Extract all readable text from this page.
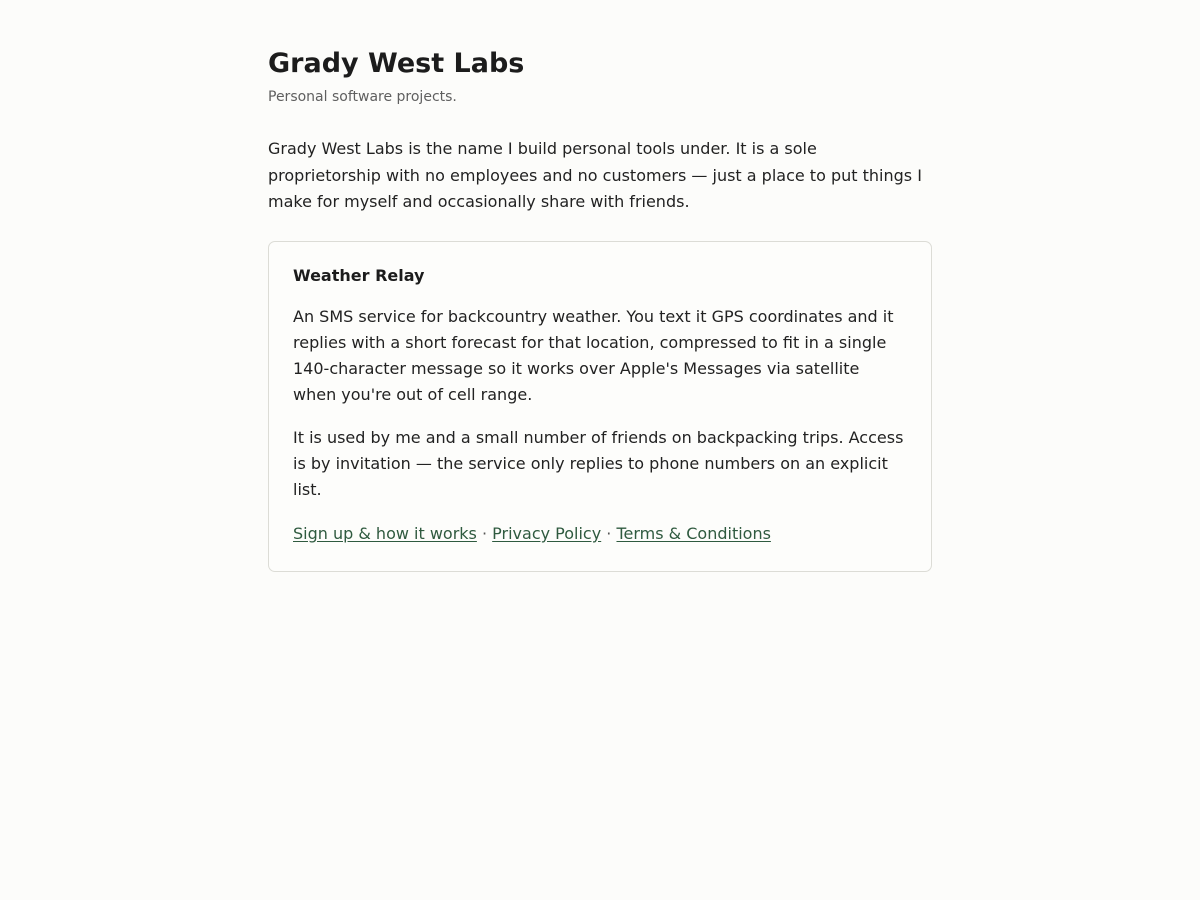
Grady West Labs

Personal software projects.

Grady West Labs is the name I build personal tools under. It is a sole proprietorship with no employees and no customers — just a place to put things I make for myself and occasionally share with friends.

Weather Relay

An SMS service for backcountry weather. You text it GPS coordinates and it replies with a short forecast for that location, compressed to fit in a single 140-character message so it works over Apple's Messages via satellite when you're out of cell range.

It is used by me and a small number of friends on backpacking trips. Access is by invitation — the service only replies to phone numbers on an explicit list.

Sign up & how it works · Privacy Policy · Terms & Conditions
